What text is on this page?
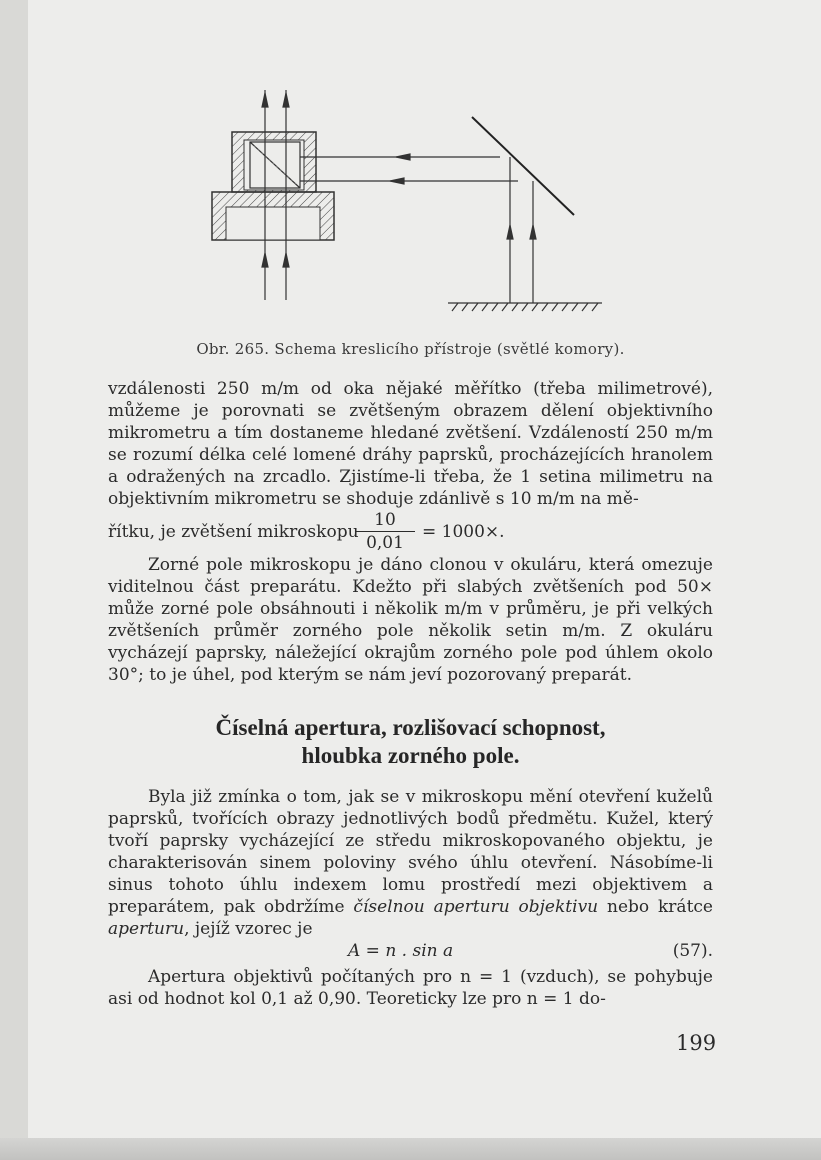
Obr. 265. Schema kreslicího přístroje (světlé komory).

vzdálenosti 250 m/m od oka nějaké měřítko (třeba milimetrové), můžeme je porovnati se zvětšeným obrazem dělení objektivního mikrometru a tím dostaneme hledané zvětšení. Vzdáleností 250 m/m se rozumí délka celé lomené dráhy paprsků, procházejících hranolem a odražených na zrcadlo. Zjistíme-li třeba, že 1 setina milimetru na objektivním mikrometru se shoduje zdánlivě s 10 m/m na mě-

řítku, je zvětšení mikroskopu
$\frac{10}{0,01} = 1000\times$.

Zorné pole mikroskopu je dáno clonou v okuláru, která omezuje viditelnou část preparátu. Kdežto při slabých zvětšeních pod 50× může zorné pole obsáhnouti i několik m/m v průměru, je při velkých zvětšeních průměr zorného pole několik setin m/m. Z okuláru vycházejí paprsky, náležející okrajům zorného pole pod úhlem okolo 30°; to je úhel, pod kterým se nám jeví pozorovaný preparát.

Číselná apertura, rozlišovací schopnost,
hloubka zorného pole.

Byla již zmínka o tom, jak se v mikroskopu mění otevření kuželů paprsků, tvořících obrazy jednotlivých bodů předmětu. Kužel, který tvoří paprsky vycházející ze středu mikroskopovaného objektu, je charakterisován sinem poloviny svého úhlu otevření. Násobíme-li sinus tohoto úhlu indexem lomu prostředí mezi objektivem a preparátem, pak obdržíme číselnou aperturu objektivu nebo krátce aperturu, jejíž vzorec je

A = n . sin a	(57).

Apertura objektivů počítaných pro n = 1 (vzduch), se pohybuje asi od hodnot kol 0,1 až 0,90. Teoreticky lze pro n = 1 do-

199
